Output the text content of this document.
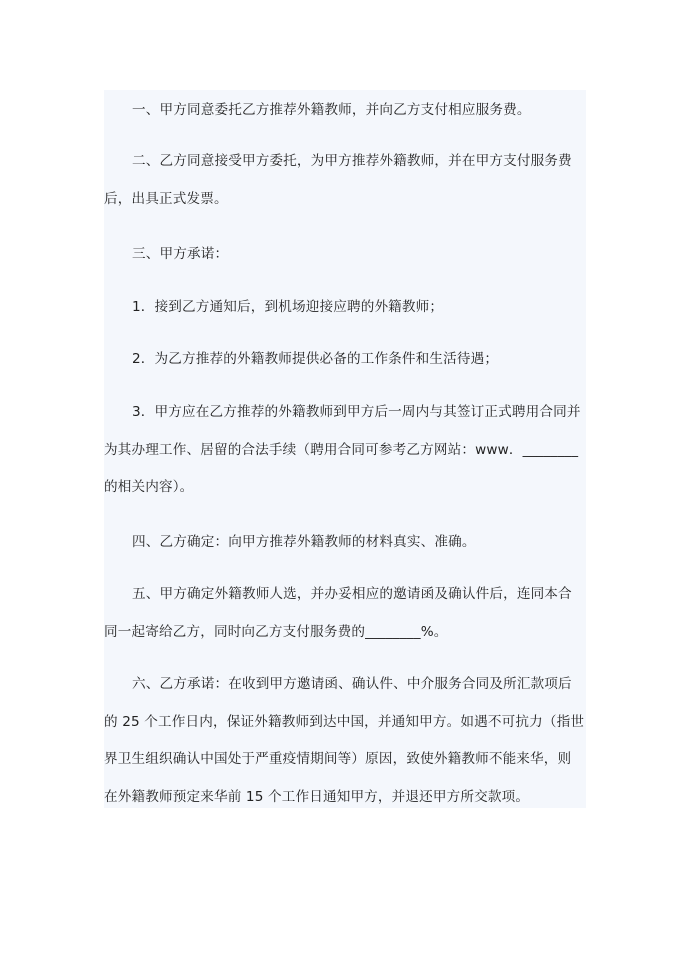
一、甲方同意委托乙方推荐外籍教师，并向乙方支付相应服务费。

二、乙方同意接受甲方委托，为甲方推荐外籍教师，并在甲方支付服务费
后，出具正式发票。

三、甲方承诺：

1．接到乙方通知后，到机场迎接应聘的外籍教师；

2．为乙方推荐的外籍教师提供必备的工作条件和生活待遇；

3．甲方应在乙方推荐的外籍教师到甲方后一周内与其签订正式聘用合同并
为其办理工作、居留的合法手续（聘用合同可参考乙方网站：www．________
的相关内容）。

四、乙方确定：向甲方推荐外籍教师的材料真实、准确。

五、甲方确定外籍教师人选，并办妥相应的邀请函及确认件后，连同本合
同一起寄给乙方，同时向乙方支付服务费的________%。

六、乙方承诺：在收到甲方邀请函、确认件、中介服务合同及所汇款项后
的 25 个工作日内，保证外籍教师到达中国，并通知甲方。如遇不可抗力（指世
界卫生组织确认中国处于严重疫情期间等）原因，致使外籍教师不能来华，则
在外籍教师预定来华前 15 个工作日通知甲方，并退还甲方所交款项。
